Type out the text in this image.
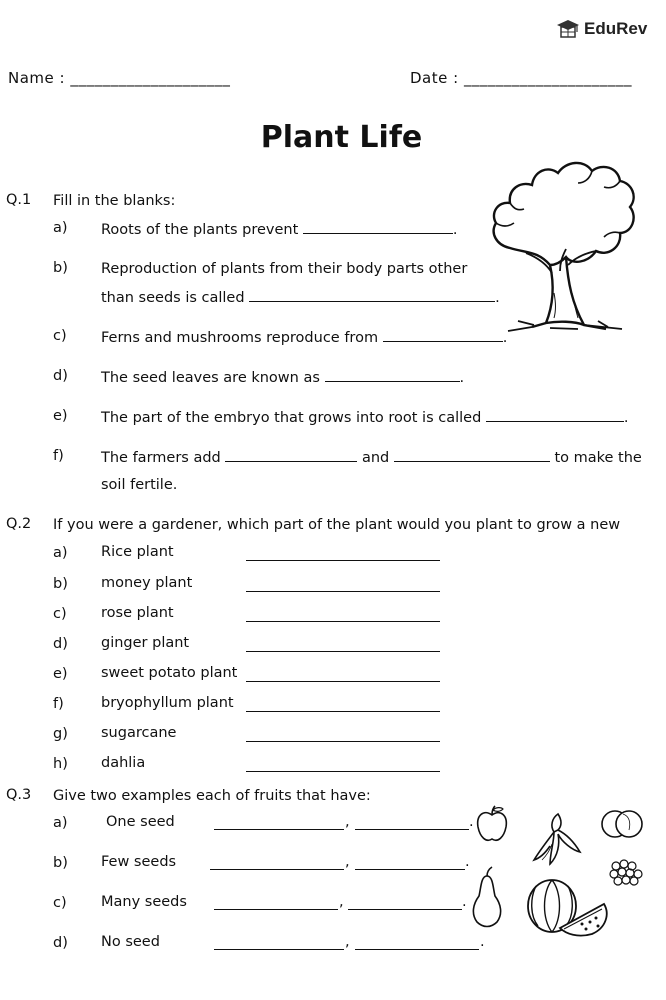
EduRev
Name : ____________________	Date : _____________________
Plant Life
Q.1 Fill in the blanks:
a) Roots of the plants prevent	.
b) Reproduction of plants from their body parts other
than seeds is called	.
c) Ferns and mushrooms reproduce from	.
d) The seed leaves are known as	.
e) The part of the embryo that grows into root is called	.
f)	The farmers add	and	to make the
soil fertile.
Q.2 If you were a gardener, which part of the plant would you plant to grow a new
a) Rice plant
b) money plant
c) rose plant
d) ginger plant
e) sweet potato plant
f)	bryophyllum plant
g) sugarcane
h) dahlia
Q.3 Give two examples each of fruits that have:
a)	One seed	,	.
b) Few seeds	,	.
c) Many seeds	,	.
d) No seed	,	.
